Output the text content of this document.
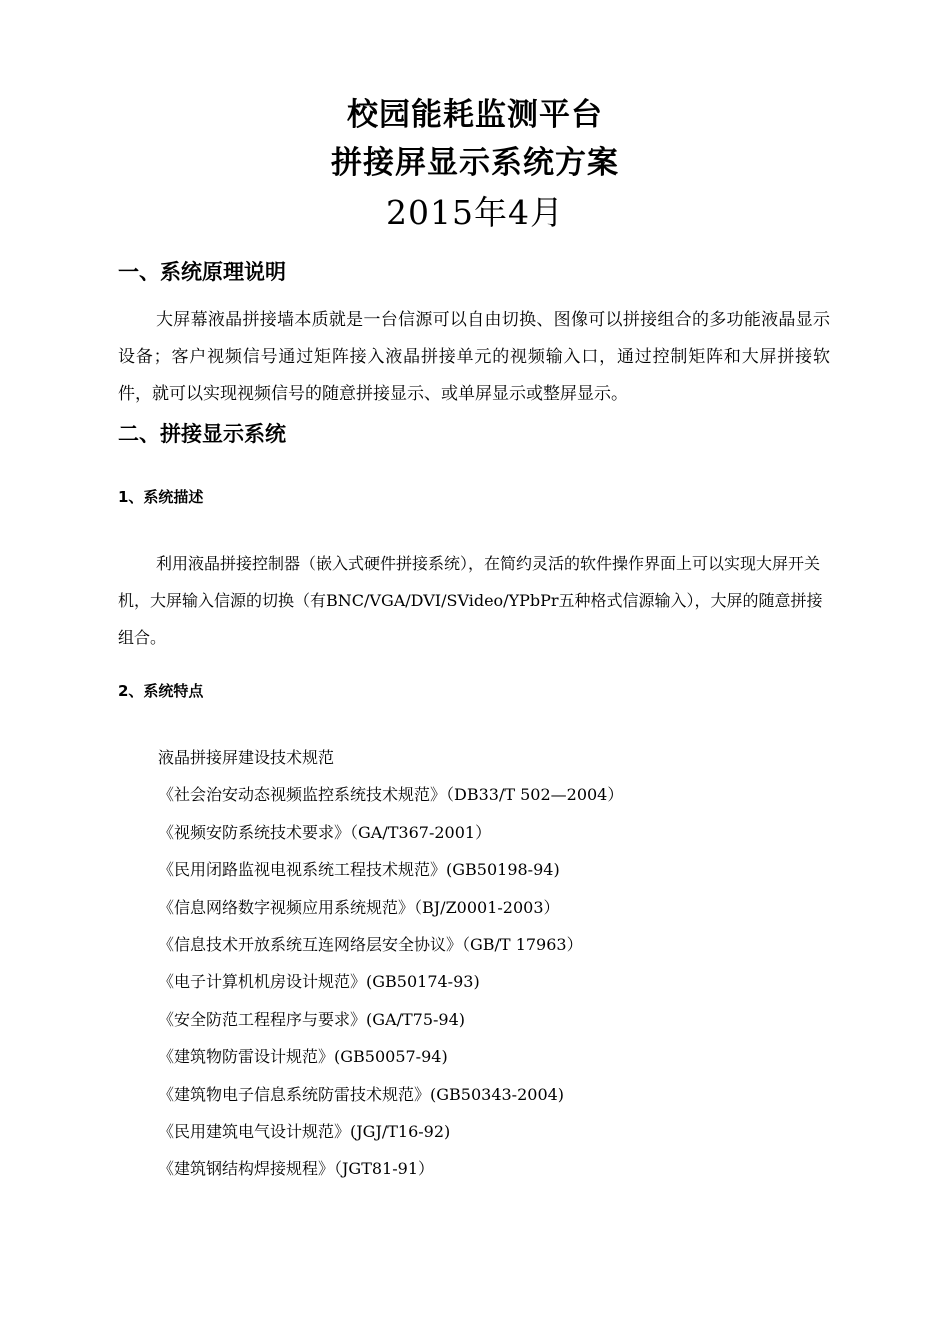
校园能耗监测平台
拼接屏显示系统方案
2015年4月
一、系统原理说明

大屏幕液晶拼接墙本质就是一台信源可以自由切换、图像可以拼接组合的多功能液晶显示设备；客户视频信号通过矩阵接入液晶拼接单元的视频输入口，通过控制矩阵和大屏拼接软件，就可以实现视频信号的随意拼接显示、或单屏显示或整屏显示。

二、拼接显示系统
1、系统描述

利用液晶拼接控制器（嵌入式硬件拼接系统），在简约灵活的软件操作界面上可以实现大屏开关机，大屏输入信源的切换（有BNC/VGA/DVI/SVideo/YPbPr五种格式信源输入），大屏的随意拼接组合。

2、系统特点
液晶拼接屏建设技术规范
《社会治安动态视频监控系统技术规范》（DB33/T 502—2004）
《视频安防系统技术要求》（GA/T367-2001）
《民用闭路监视电视系统工程技术规范》(GB50198-94)
《信息网络数字视频应用系统规范》（BJ/Z0001-2003）
《信息技术开放系统互连网络层安全协议》（GB/T 17963）
《电子计算机机房设计规范》(GB50174-93)
《安全防范工程程序与要求》(GA/T75-94)
《建筑物防雷设计规范》(GB50057-94)
《建筑物电子信息系统防雷技术规范》(GB50343-2004)
《民用建筑电气设计规范》(JGJ/T16-92)
《建筑钢结构焊接规程》（JGT81-91）
